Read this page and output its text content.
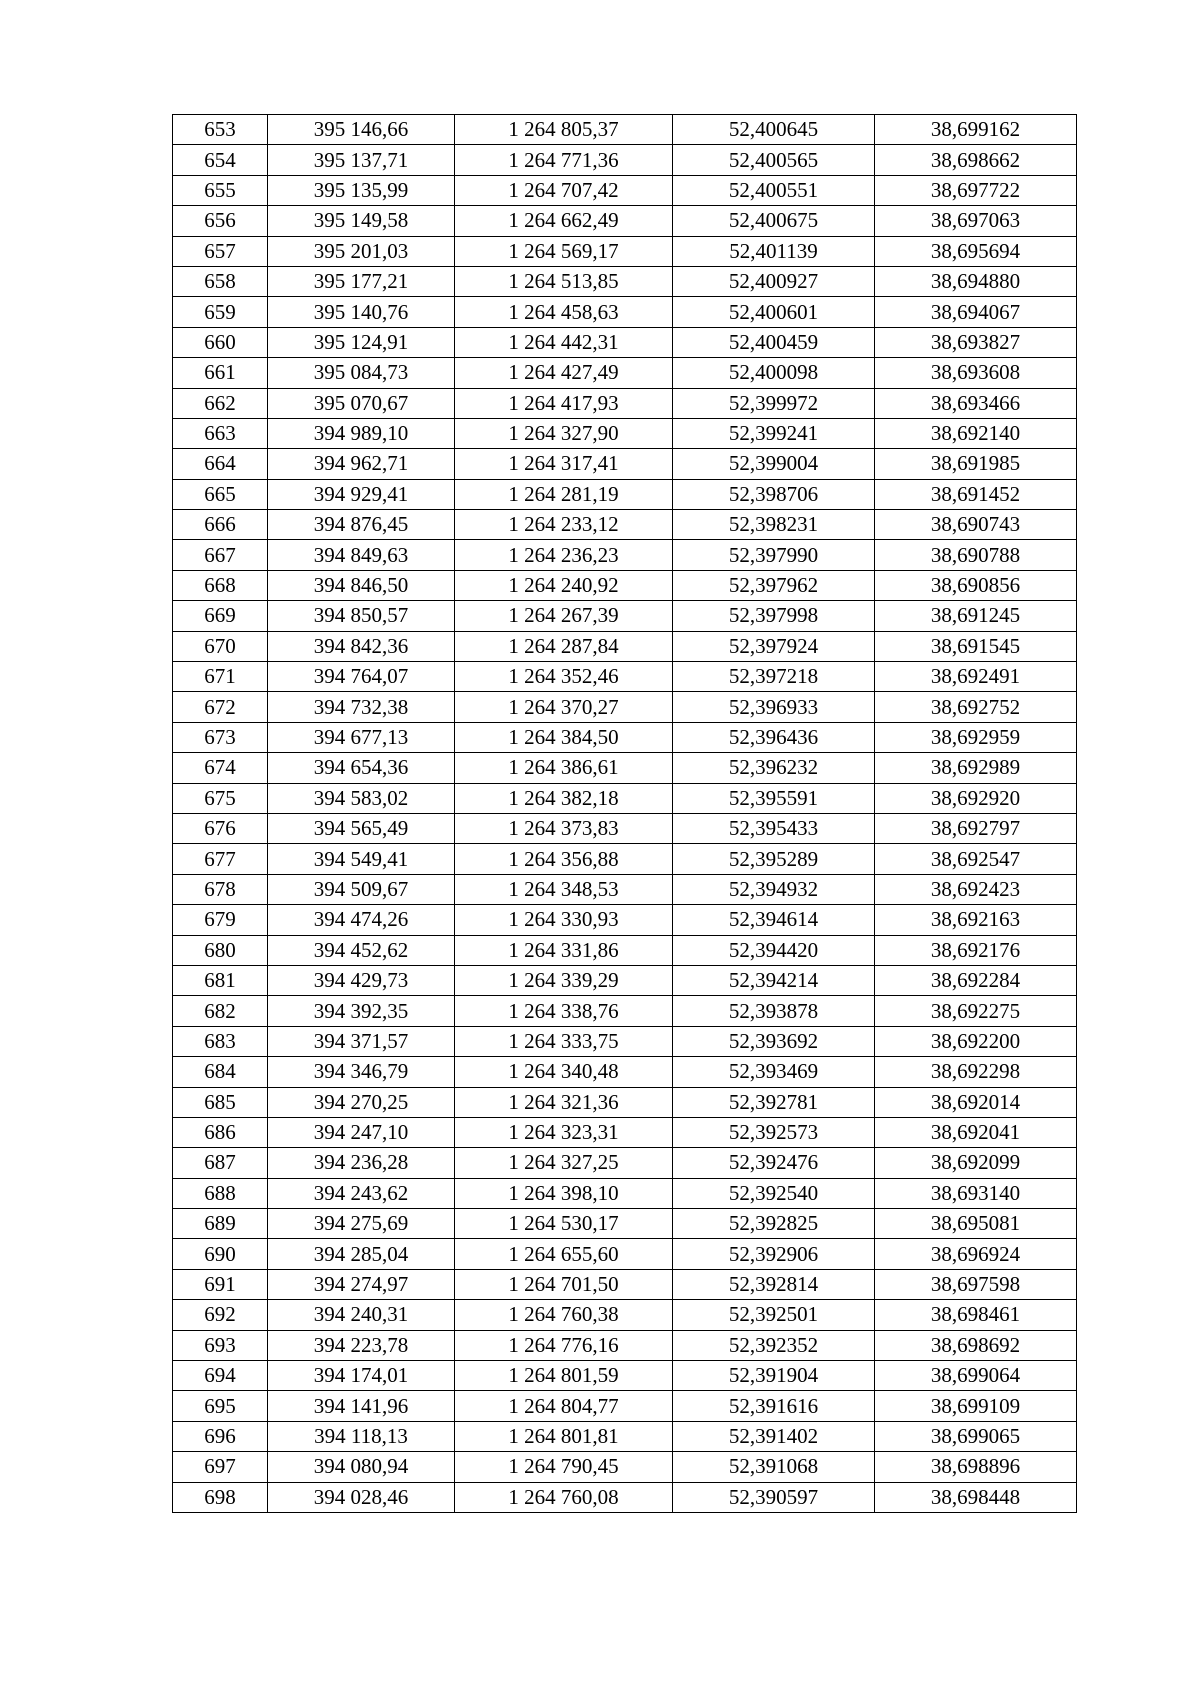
653	395 146,66	1 264 805,37	52,400645	38,699162
654	395 137,71	1 264 771,36	52,400565	38,698662
655	395 135,99	1 264 707,42	52,400551	38,697722
656	395 149,58	1 264 662,49	52,400675	38,697063
657	395 201,03	1 264 569,17	52,401139	38,695694
658	395 177,21	1 264 513,85	52,400927	38,694880
659	395 140,76	1 264 458,63	52,400601	38,694067
660	395 124,91	1 264 442,31	52,400459	38,693827
661	395 084,73	1 264 427,49	52,400098	38,693608
662	395 070,67	1 264 417,93	52,399972	38,693466
663	394 989,10	1 264 327,90	52,399241	38,692140
664	394 962,71	1 264 317,41	52,399004	38,691985
665	394 929,41	1 264 281,19	52,398706	38,691452
666	394 876,45	1 264 233,12	52,398231	38,690743
667	394 849,63	1 264 236,23	52,397990	38,690788
668	394 846,50	1 264 240,92	52,397962	38,690856
669	394 850,57	1 264 267,39	52,397998	38,691245
670	394 842,36	1 264 287,84	52,397924	38,691545
671	394 764,07	1 264 352,46	52,397218	38,692491
672	394 732,38	1 264 370,27	52,396933	38,692752
673	394 677,13	1 264 384,50	52,396436	38,692959
674	394 654,36	1 264 386,61	52,396232	38,692989
675	394 583,02	1 264 382,18	52,395591	38,692920
676	394 565,49	1 264 373,83	52,395433	38,692797
677	394 549,41	1 264 356,88	52,395289	38,692547
678	394 509,67	1 264 348,53	52,394932	38,692423
679	394 474,26	1 264 330,93	52,394614	38,692163
680	394 452,62	1 264 331,86	52,394420	38,692176
681	394 429,73	1 264 339,29	52,394214	38,692284
682	394 392,35	1 264 338,76	52,393878	38,692275
683	394 371,57	1 264 333,75	52,393692	38,692200
684	394 346,79	1 264 340,48	52,393469	38,692298
685	394 270,25	1 264 321,36	52,392781	38,692014
686	394 247,10	1 264 323,31	52,392573	38,692041
687	394 236,28	1 264 327,25	52,392476	38,692099
688	394 243,62	1 264 398,10	52,392540	38,693140
689	394 275,69	1 264 530,17	52,392825	38,695081
690	394 285,04	1 264 655,60	52,392906	38,696924
691	394 274,97	1 264 701,50	52,392814	38,697598
692	394 240,31	1 264 760,38	52,392501	38,698461
693	394 223,78	1 264 776,16	52,392352	38,698692
694	394 174,01	1 264 801,59	52,391904	38,699064
695	394 141,96	1 264 804,77	52,391616	38,699109
696	394 118,13	1 264 801,81	52,391402	38,699065
697	394 080,94	1 264 790,45	52,391068	38,698896
698	394 028,46	1 264 760,08	52,390597	38,698448
